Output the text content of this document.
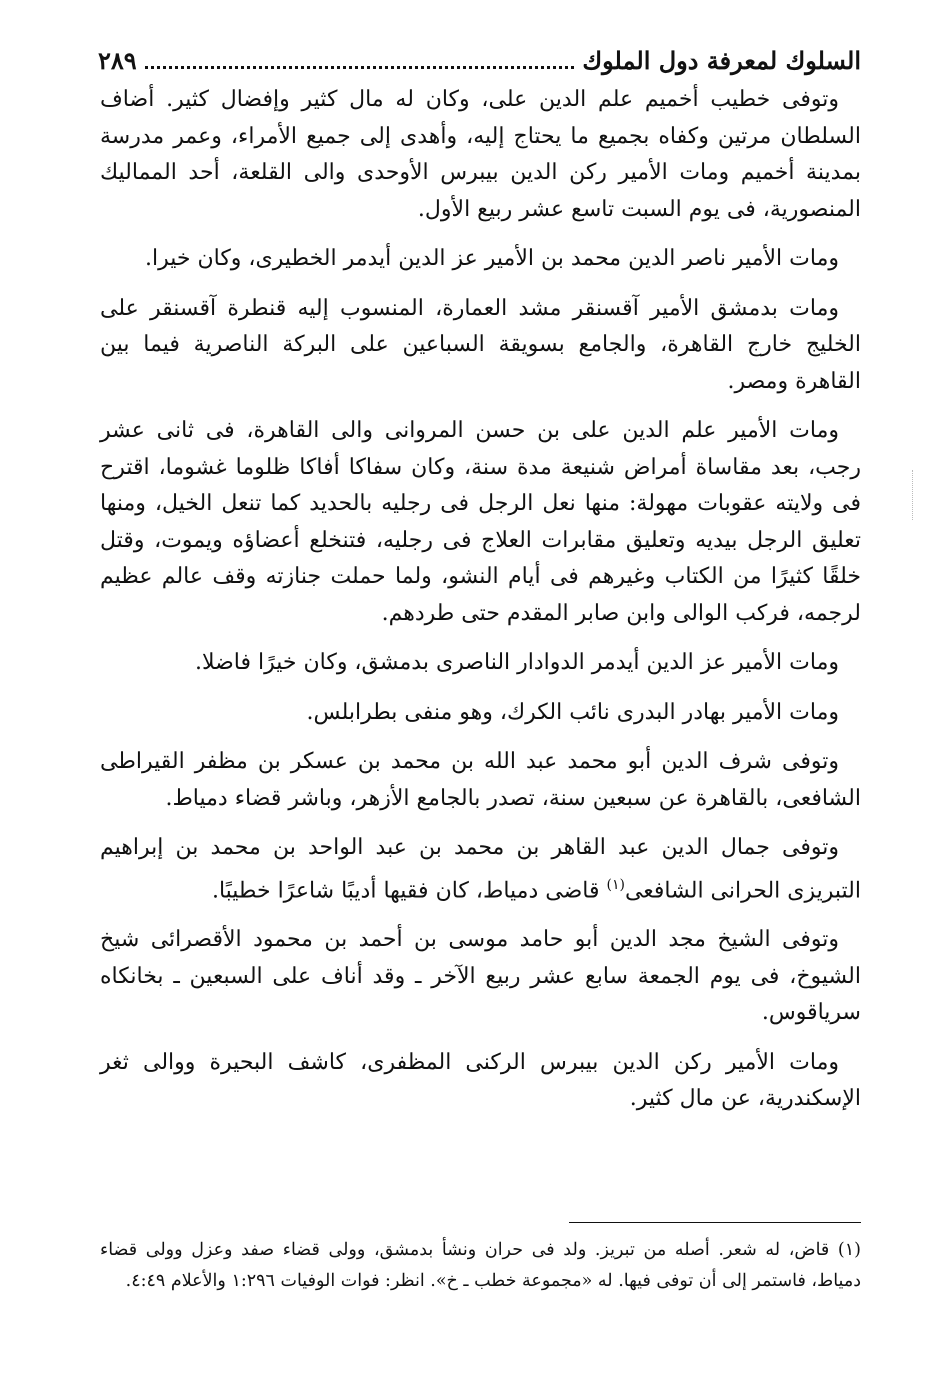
السلوك لمعرفة دول الملوك
٢٨٩

وتوفى خطيب أخميم علم الدين على، وكان له مال كثير وإفضال كثير. أضاف السلطان مرتين وكفاه بجميع ما يحتاج إليه، وأهدى إلى جميع الأمراء، وعمر مدرسة بمدينة أخميم ومات الأمير ركن الدين بيبرس الأوحدى والى القلعة، أحد المماليك المنصورية، فى يوم السبت تاسع عشر ربيع الأول.

ومات الأمير ناصر الدين محمد بن الأمير عز الدين أيدمر الخطيرى، وكان خيرا.

ومات بدمشق الأمير آقسنقر مشد العمارة، المنسوب إليه قنطرة آقسنقر على الخليج خارج القاهرة، والجامع بسويقة السباعين على البركة الناصرية فيما بين القاهرة ومصر.

ومات الأمير علم الدين على بن حسن المروانى والى القاهرة، فى ثانى عشر رجب، بعد مقاساة أمراض شنيعة مدة سنة، وكان سفاكا أفاكا ظلوما غشوما، اقترح فى ولايته عقوبات مهولة: منها نعل الرجل فى رجليه بالحديد كما تنعل الخيل، ومنها تعليق الرجل بيديه وتعليق مقابرات العلاج فى رجليه، فتنخلع أعضاؤه ويموت، وقتل خلقًا كثيرًا من الكتاب وغيرهم فى أيام النشو، ولما حملت جنازته وقف عالم عظيم لرجمه، فركب الوالى وابن صابر المقدم حتى طردهم.

ومات الأمير عز الدين أيدمر الدوادار الناصرى بدمشق، وكان خيرًا فاضلا.

ومات الأمير بهادر البدرى نائب الكرك، وهو منفى بطرابلس.

وتوفى شرف الدين أبو محمد عبد الله بن محمد بن عسكر بن مظفر القيراطى الشافعى، بالقاهرة عن سبعين سنة، تصدر بالجامع الأزهر، وباشر قضاء دمياط.

وتوفى جمال الدين عبد القاهر بن محمد بن عبد الواحد بن محمد بن إبراهيم التبريزى الحرانى الشافعى$^{(١)}$ قاضى دمياط، كان فقيها أديبًا شاعرًا خطيبًا.

وتوفى الشيخ مجد الدين أبو حامد موسى بن أحمد بن محمود الأقصرائى شيخ الشيوخ، فى يوم الجمعة سابع عشر ربيع الآخر ـ وقد أناف على السبعين ـ بخانكاه سرياقوس.

ومات الأمير ركن الدين بيبرس الركنى المظفرى، كاشف البحيرة ووالى ثغر الإسكندرية، عن مال كثير.

(١) قاض، له شعر. أصله من تبريز. ولد فى حران ونشأ بدمشق، وولى قضاء صفد وعزل وولى قضاء دمياط، فاستمر إلى أن توفى فيها. له «مجموعة خطب ـ خ». انظر: فوات الوفيات ١:٢٩٦ والأعلام ٤:٤٩.
